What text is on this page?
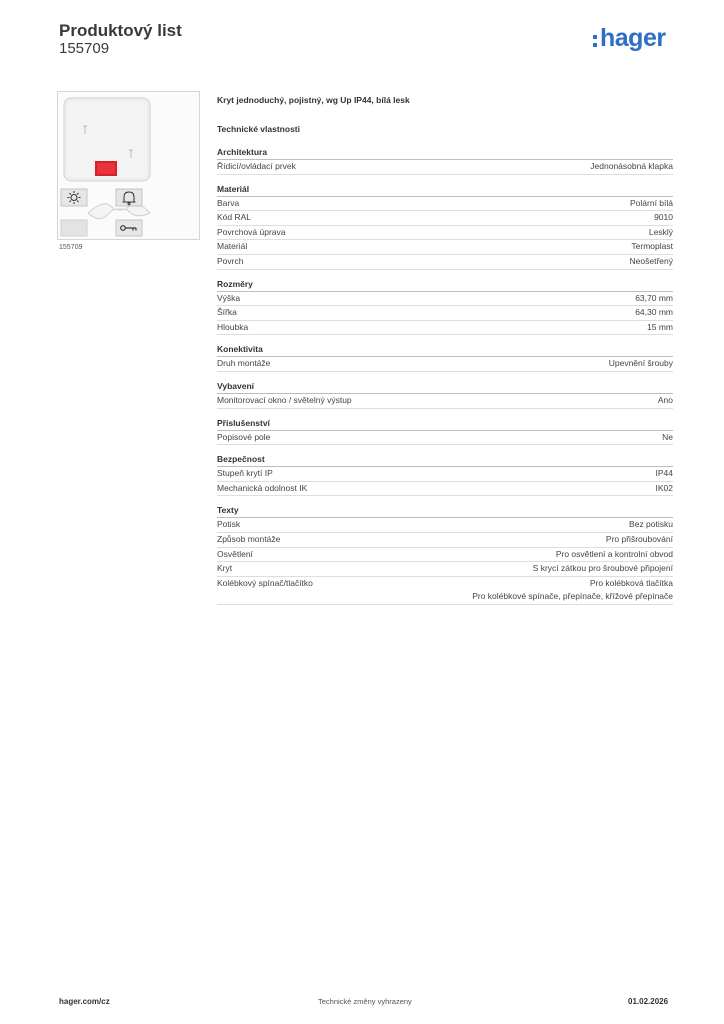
Produktový list
155709	hager
155709
Kryt jednoduchý, pojistný, wg Up IP44, bílá lesk
Technické vlastnosti
Architektura
Řídicí/ovládací prvek	Jednonásobná klapka
Materiál
Barva	Polární bílá
Kód RAL	9010
Povrchová úprava	Lesklý
Materiál	Termoplast
Povrch	Neošetřený
Rozměry
Výška	63,70 mm
Šířka	64,30 mm
Hloubka	15 mm
Konektivita
Druh montáže	Upevnění šrouby
Vybavení
Monitorovací okno / světelný výstup	Ano
Příslušenství
Popisové pole	Ne
Bezpečnost
Stupeň krytí IP	IP44
Mechanická odolnost IK	IK02
Texty
Potisk	Bez potisku
Způsob montáže	Pro přišroubování
Osvětlení	Pro osvětlení a kontrolní obvod
Kryt	S krycí zátkou pro šroubové připojení
Kolébkový spínač/tlačítko	Pro kolébková tlačítka
Pro kolébkové spínače, přepínače, křížové přepínače
hager.com/cz	Technické změny vyhrazeny	01.02.2026
